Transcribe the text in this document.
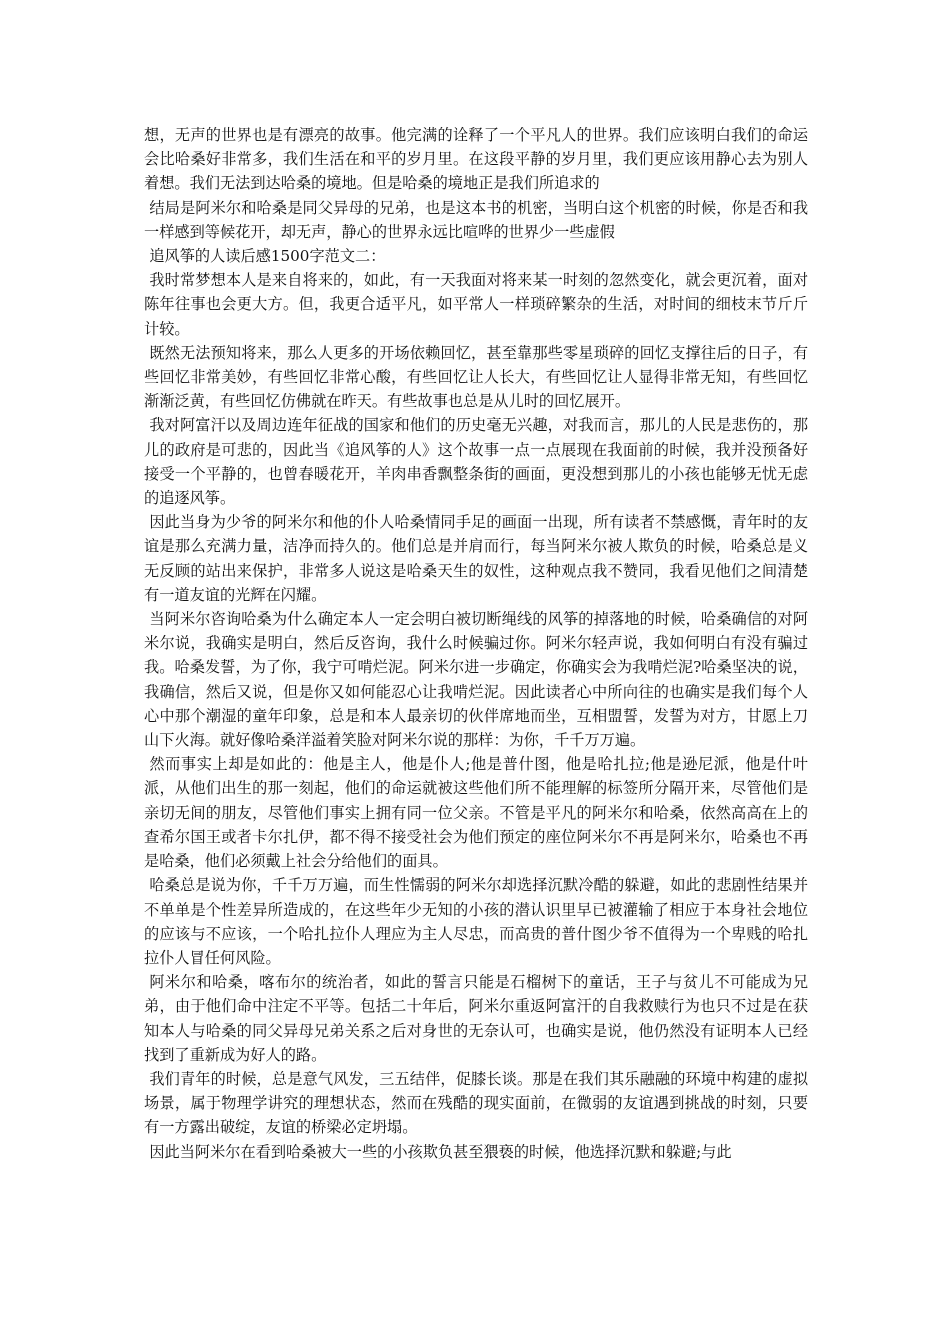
想，无声的世界也是有漂亮的故事。他完满的诠释了一个平凡人的世界。我们应该明白我们的命运会比哈桑好非常多，我们生活在和平的岁月里。在这段平静的岁月里，我们更应该用静心去为别人着想。我们无法到达哈桑的境地。但是哈桑的境地正是我们所追求的

结局是阿米尔和哈桑是同父异母的兄弟，也是这本书的机密，当明白这个机密的时候，你是否和我一样感到等候花开，却无声，静心的世界永远比喧哗的世界少一些虚假

追风筝的人读后感1500字范文二：

我时常梦想本人是来自将来的，如此，有一天我面对将来某一时刻的忽然变化，就会更沉着，面对陈年往事也会更大方。但，我更合适平凡，如平常人一样琐碎繁杂的生活，对时间的细枝末节斤斤计较。

既然无法预知将来，那么人更多的开场依赖回忆，甚至靠那些零星琐碎的回忆支撑往后的日子，有些回忆非常美妙，有些回忆非常心酸，有些回忆让人长大，有些回忆让人显得非常无知，有些回忆渐渐泛黄，有些回忆仿佛就在昨天。有些故事也总是从儿时的回忆展开。

我对阿富汗以及周边连年征战的国家和他们的历史毫无兴趣，对我而言，那儿的人民是悲伤的，那儿的政府是可悲的，因此当《追风筝的人》这个故事一点一点展现在我面前的时候，我并没预备好接受一个平静的，也曾春暖花开，羊肉串香飘整条街的画面，更没想到那儿的小孩也能够无忧无虑的追逐风筝。

因此当身为少爷的阿米尔和他的仆人哈桑情同手足的画面一出现，所有读者不禁感慨，青年时的友谊是那么充满力量，洁净而持久的。他们总是并肩而行，每当阿米尔被人欺负的时候，哈桑总是义无反顾的站出来保护，非常多人说这是哈桑天生的奴性，这种观点我不赞同，我看见他们之间清楚有一道友谊的光辉在闪耀。

当阿米尔咨询哈桑为什么确定本人一定会明白被切断绳线的风筝的掉落地的时候，哈桑确信的对阿米尔说，我确实是明白，然后反咨询，我什么时候骗过你。阿米尔轻声说，我如何明白有没有骗过我。哈桑发誓，为了你，我宁可啃烂泥。阿米尔进一步确定，你确实会为我啃烂泥?哈桑坚决的说，我确信，然后又说，但是你又如何能忍心让我啃烂泥。因此读者心中所向往的也确实是我们每个人心中那个潮湿的童年印象，总是和本人最亲切的伙伴席地而坐，互相盟誓，发誓为对方，甘愿上刀山下火海。就好像哈桑洋溢着笑脸对阿米尔说的那样：为你，千千万万遍。

然而事实上却是如此的：他是主人，他是仆人;他是普什图，他是哈扎拉;他是逊尼派，他是什叶派，从他们出生的那一刻起，他们的命运就被这些他们所不能理解的标签所分隔开来，尽管他们是亲切无间的朋友，尽管他们事实上拥有同一位父亲。不管是平凡的阿米尔和哈桑，依然高高在上的查希尔国王或者卡尔扎伊，都不得不接受社会为他们预定的座位阿米尔不再是阿米尔，哈桑也不再是哈桑，他们必须戴上社会分给他们的面具。

哈桑总是说为你，千千万万遍，而生性懦弱的阿米尔却选择沉默冷酷的躲避，如此的悲剧性结果并不单单是个性差异所造成的，在这些年少无知的小孩的潜认识里早已被灌输了相应于本身社会地位的应该与不应该，一个哈扎拉仆人理应为主人尽忠，而高贵的普什图少爷不值得为一个卑贱的哈扎拉仆人冒任何风险。

阿米尔和哈桑，喀布尔的统治者，如此的誓言只能是石榴树下的童话，王子与贫儿不可能成为兄弟，由于他们命中注定不平等。包括二十年后，阿米尔重返阿富汗的自我救赎行为也只不过是在获知本人与哈桑的同父异母兄弟关系之后对身世的无奈认可，也确实是说，他仍然没有证明本人已经找到了重新成为好人的路。

我们青年的时候，总是意气风发，三五结伴，促膝长谈。那是在我们其乐融融的环境中构建的虚拟场景，属于物理学讲究的理想状态，然而在残酷的现实面前，在微弱的友谊遇到挑战的时刻，只要有一方露出破绽，友谊的桥梁必定坍塌。

因此当阿米尔在看到哈桑被大一些的小孩欺负甚至猥亵的时候，他选择沉默和躲避;与此
